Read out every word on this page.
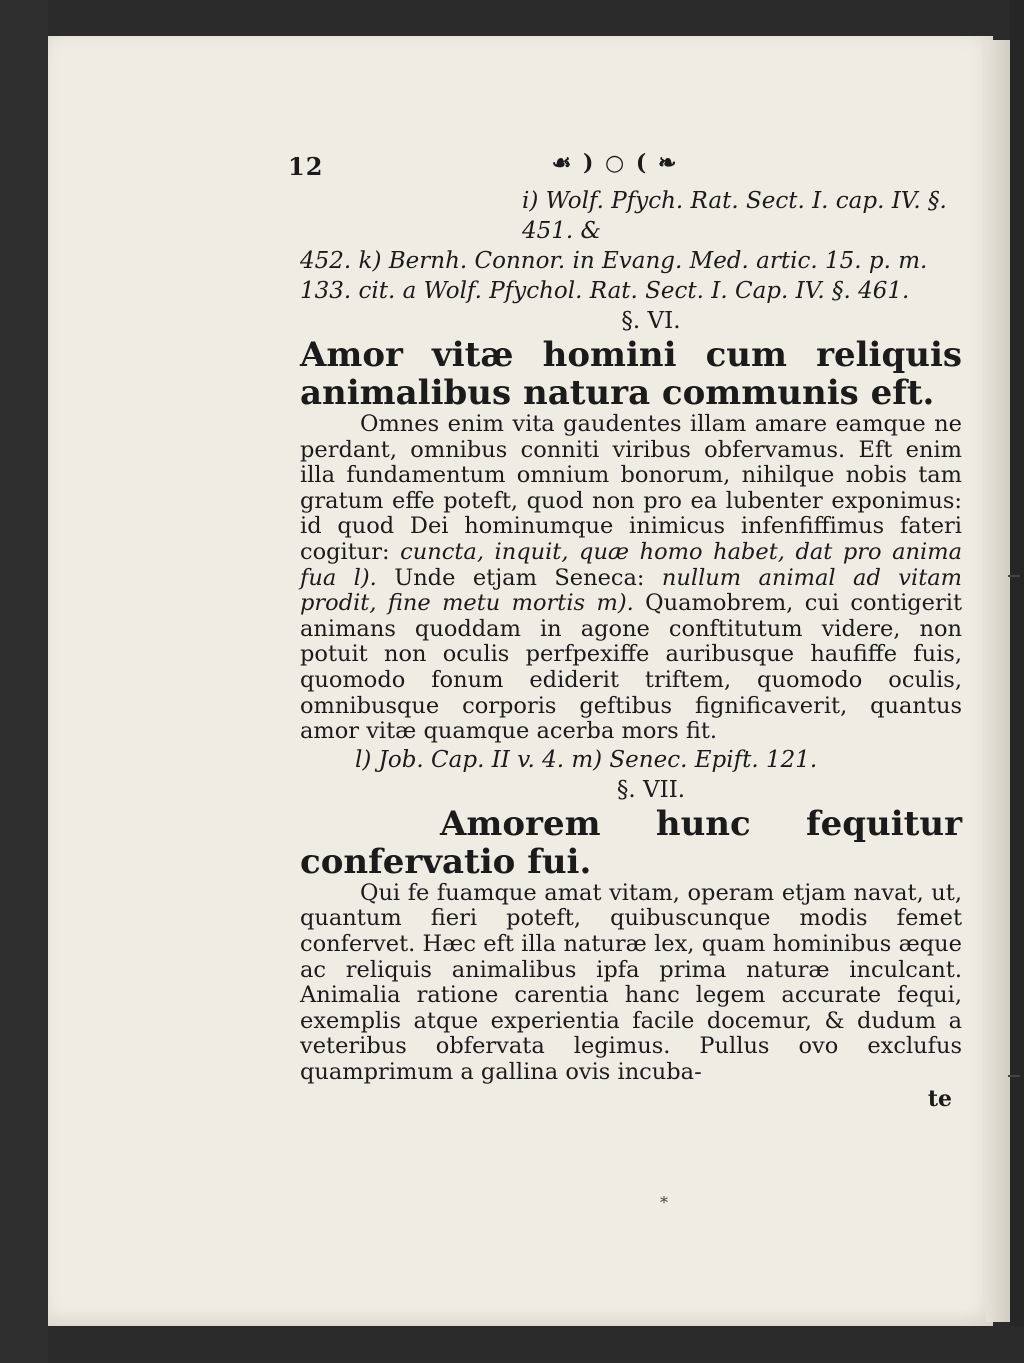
12	☙ ) ○ ( ❧
i) Wolf. Pfych. Rat. Sect. I. cap. IV. §. 451. &
452. k) Bernh. Connor. in Evang. Med. artic. 15. p. m.
133. cit. a Wolf. Pfychol. Rat. Sect. I. Cap. IV. §. 461.
§. VI.
Amor vitæ homini cum reliquis animalibus natura communis eft.
Omnes enim vita gaudentes illam amare eamque ne perdant, omnibus conniti viribus obfervamus. Eft enim illa fundamentum omnium bonorum, nihilque nobis tam gratum effe poteft, quod non pro ea lubenter exponimus: id quod Dei hominumque inimicus infenfiffimus fateri cogitur: cuncta, inquit, quæ homo habet, dat pro anima fua l). Unde etjam Seneca: nullum animal ad vitam prodit, fine metu mortis m). Quamobrem, cui contigerit animans quoddam in agone conftitutum videre, non potuit non oculis perfpexiffe auribusque haufiffe fuis, quomodo fonum ediderit triftem, quomodo oculis, omnibusque corporis geftibus fignificaverit, quantus amor vitæ quamque acerba mors fit.
l) Job. Cap. II v. 4. m) Senec. Epift. 121.
§. VII.
Amorem hunc fequitur confervatio fui.
Qui fe fuamque amat vitam, operam etjam navat, ut, quantum fieri poteft, quibuscunque modis femet confervet. Hæc eft illa naturæ lex, quam hominibus æque ac reliquis animalibus ipfa prima naturæ inculcant. Animalia ratione carentia hanc legem accurate fequi, exemplis atque experientia facile docemur, & dudum a veteribus obfervata legimus. Pullus ovo exclufus quamprimum a gallina ovis incuba-
te
*
